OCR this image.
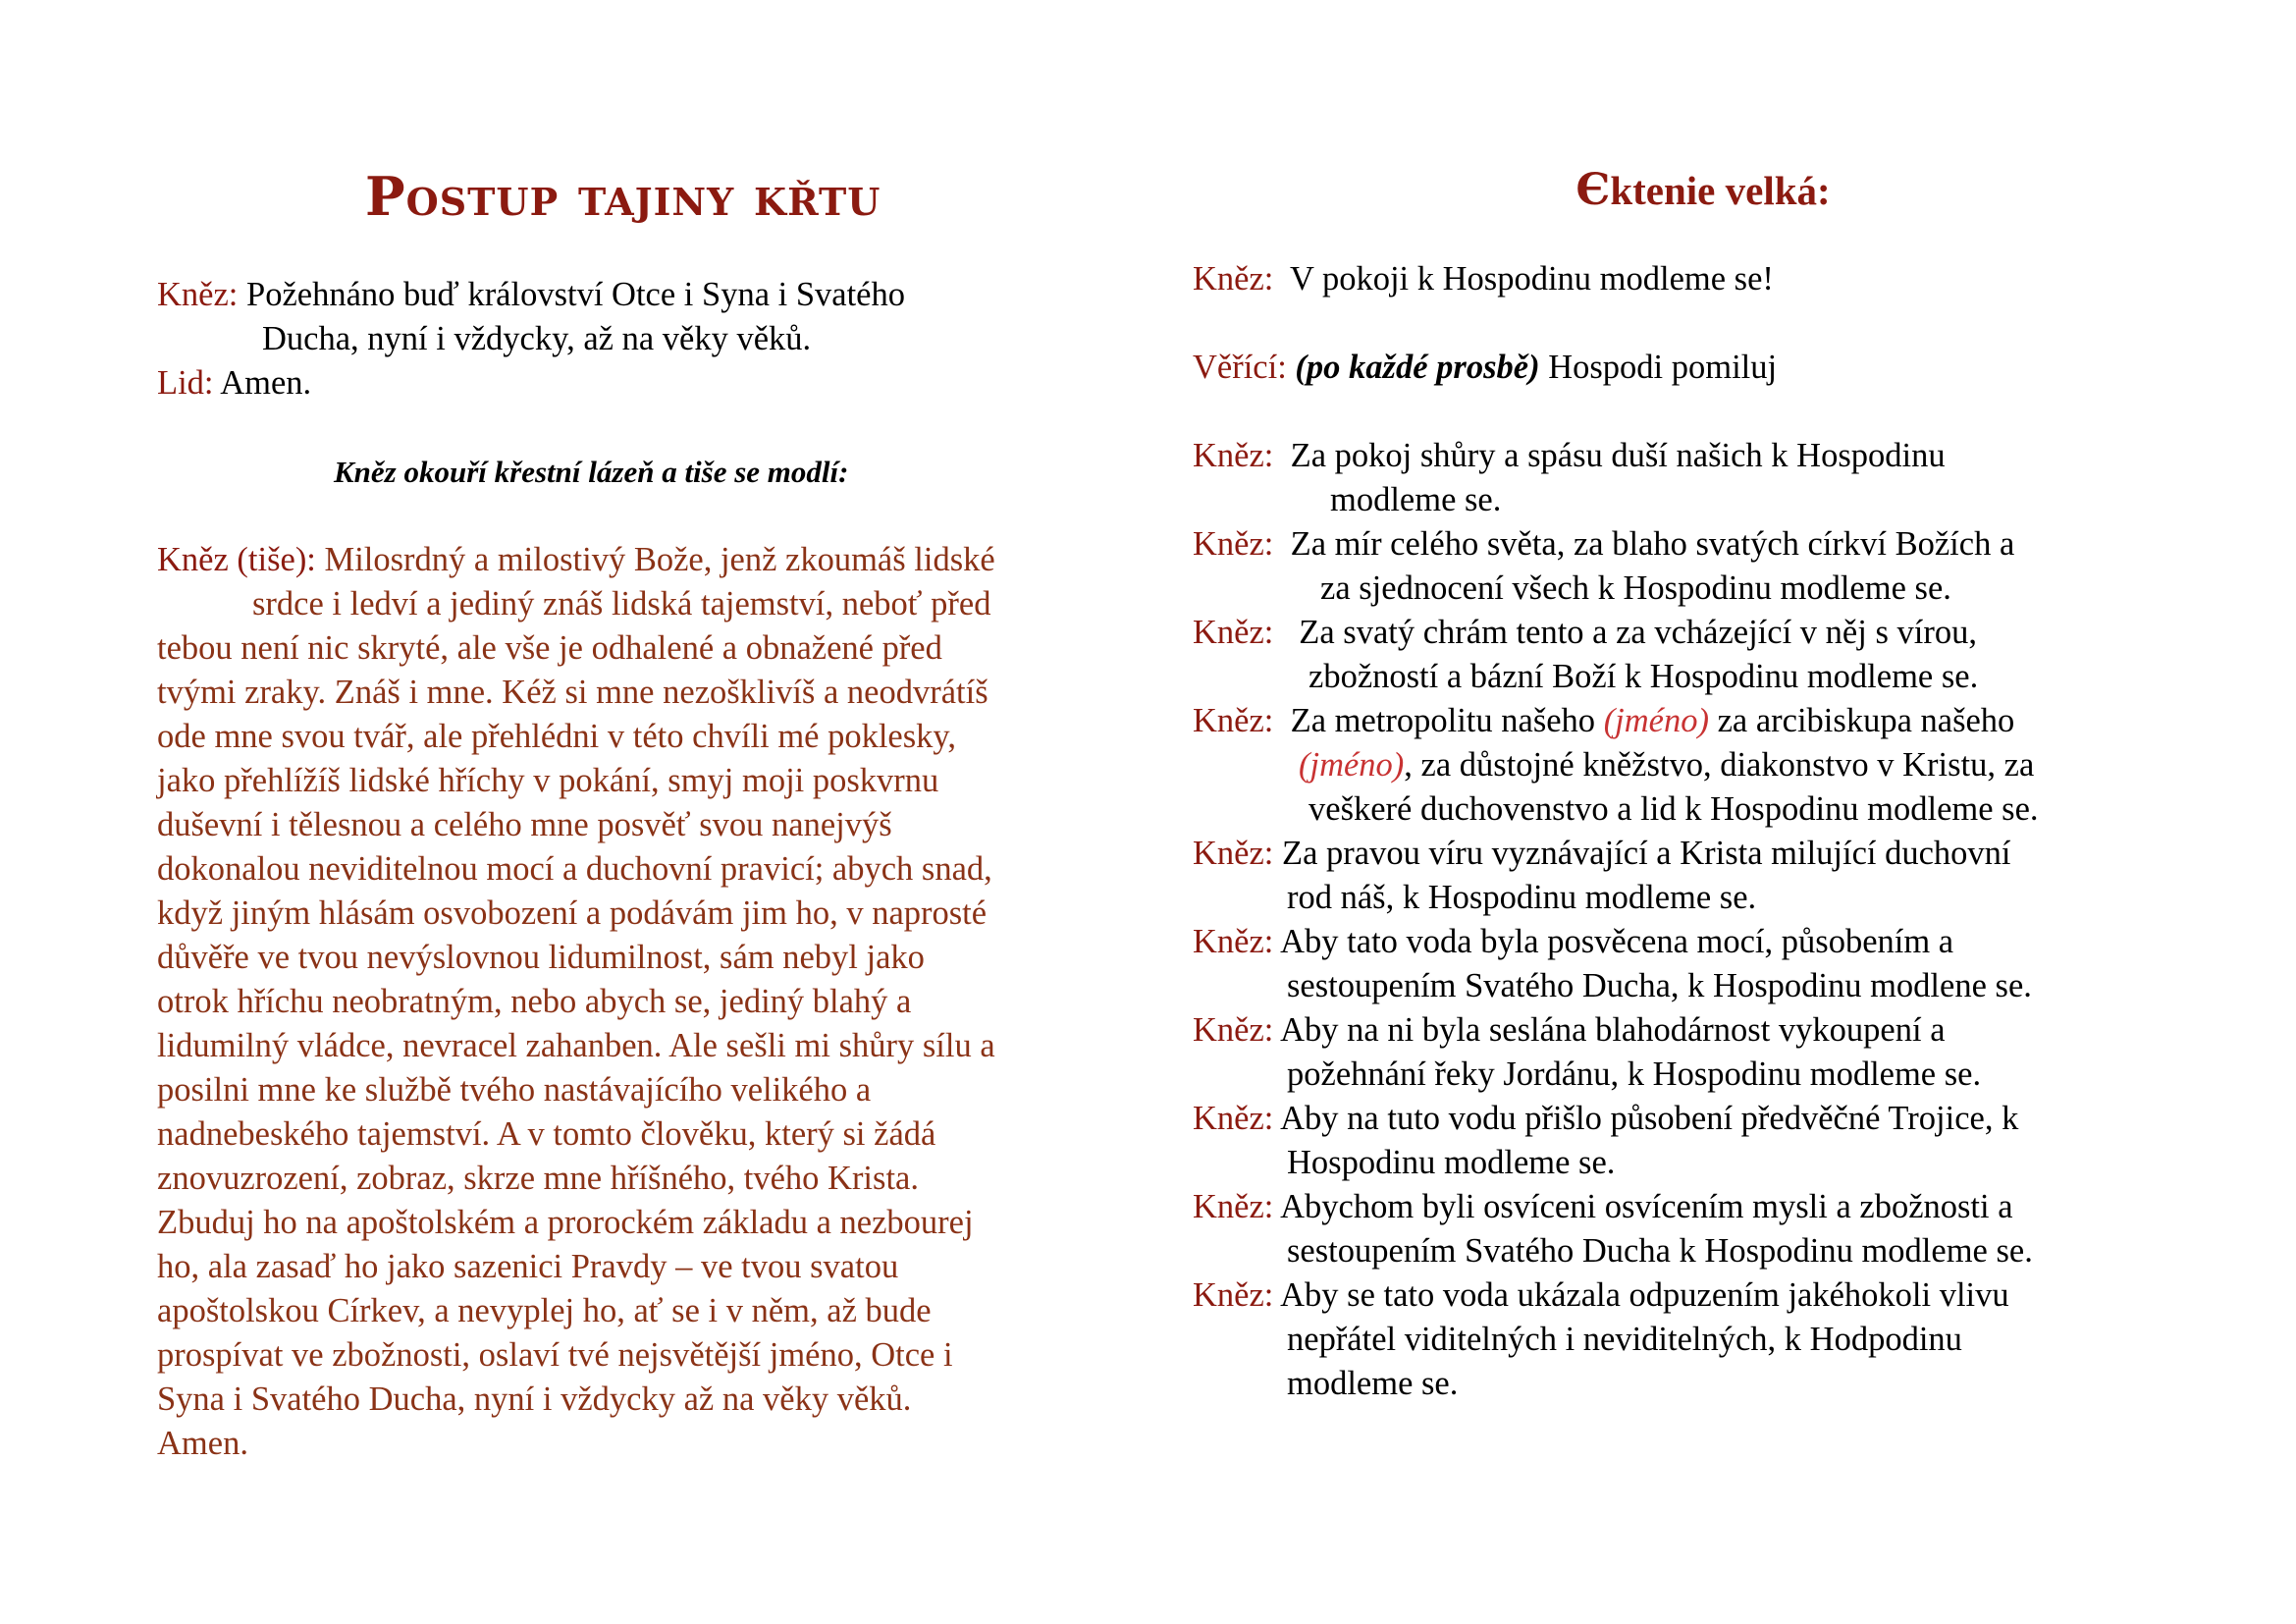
Postup tajiny křtu

Kněz: Požehnáno buď království Otce i Syna i Svatého

Ducha, nyní i vždycky, až na věky věků.

Lid: Amen.

Kněz okouří křestní lázeň a tiše se modlí:

Kněz (tiše): Milosrdný a milostivý Bože, jenž zkoumáš lidské

srdce i ledví a jediný znáš lidská tajemství, neboť před

tebou není nic skryté, ale vše je odhalené a obnažené před

tvými zraky. Znáš i mne. Kéž si mne nezošklivíš a neodvrátíš

ode mne svou tvář, ale přehlédni v této chvíli mé poklesky,

jako přehlížíš lidské hříchy v pokání, smyj moji poskvrnu

duševní i tělesnou a celého mne posvěť svou nanejvýš

dokonalou neviditelnou mocí a duchovní pravicí; abych snad,

když jiným hlásám osvobození a podávám jim ho, v naprosté

důvěře ve tvou nevýslovnou lidumilnost, sám nebyl jako

otrok hříchu neobratným, nebo abych se, jediný blahý a

lidumilný vládce, nevracel zahanben. Ale sešli mi shůry sílu a

posilni mne ke službě tvého nastávajícího velikého a

nadnebeského tajemství. A v tomto člověku, který si žádá

znovuzrození, zobraz, skrze mne hříšného, tvého Krista.

Zbuduj ho na apoštolském a prorockém základu a nezbourej

ho, ala zasaď ho jako sazenici Pravdy – ve tvou svatou

apoštolskou Církev, a nevyplej ho, ať se i v něm, až bude

prospívat ve zbožnosti, oslaví tvé nejsvětější jméno, Otce i

Syna i Svatého Ducha, nyní i vždycky až na věky věků.

Amen.

Єktenie velká:

Kněz: V pokoji k Hospodinu modleme se!

Věřící: (po každé prosbě) Hospodi pomiluj

Kněz: Za pokoj shůry a spásu duší našich k Hospodinu

modleme se.

Kněz: Za mír celého světa, za blaho svatých církví Božích a

za sjednocení všech k Hospodinu modleme se.

Kněz: Za svatý chrám tento a za vcházející v něj s vírou,

zbožností a bázní Boží k Hospodinu modleme se.

Kněz: Za metropolitu našeho (jméno) za arcibiskupa našeho

(jméno), za důstojné kněžstvo, diakonstvo v Kristu, za

veškeré duchovenstvo a lid k Hospodinu modleme se.

Kněz: Za pravou víru vyznávající a Krista milující duchovní

rod náš, k Hospodinu modleme se.

Kněz: Aby tato voda byla posvěcena mocí, působením a

sestoupením Svatého Ducha, k Hospodinu modlene se.

Kněz: Aby na ni byla seslána blahodárnost vykoupení a

požehnání řeky Jordánu, k Hospodinu modleme se.

Kněz: Aby na tuto vodu přišlo působení předvěčné Trojice, k

Hospodinu modleme se.

Kněz: Abychom byli osvíceni osvícením mysli a zbožnosti a

sestoupením Svatého Ducha k Hospodinu modleme se.

Kněz: Aby se tato voda ukázala odpuzením jakéhokoli vlivu

nepřátel viditelných i neviditelných, k Hodpodinu

modleme se.
